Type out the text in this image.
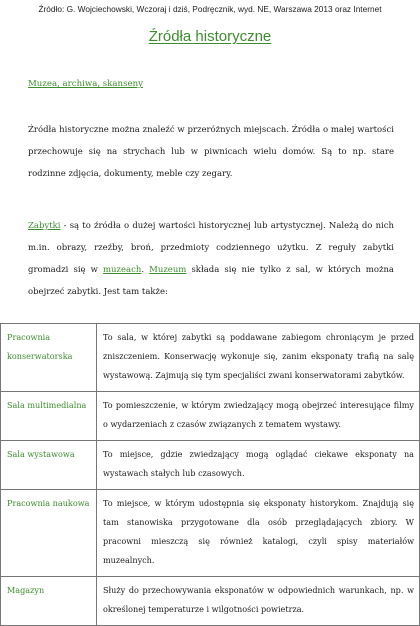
Źródło: G. Wojciechowski, Wczoraj i dziś, Podręcznik, wyd. NE, Warszawa 2013 oraz Internet
Źródła historyczne
Muzea, archiwa, skanseny
Źródła historyczne można znaleźć w przeróżnych miejscach. Źródła o małej wartości przechowuje się na strychach lub w piwnicach wielu domów. Są to np. stare rodzinne zdjęcia, dokumenty, meble czy zegary.
Zabytki - są to źródła o dużej wartości historycznej lub artystycznej. Należą do nich m.in. obrazy, rzeźby, broń, przedmioty codziennego użytku. Z reguły zabytki gromadzi się w muzeach. Muzeum składa się nie tylko z sal, w których można obejrzeć zabytki. Jest tam także:
Pracownia konserwatorska	To sala, w której zabytki są poddawane zabiegom chroniącym je przed zniszczeniem. Konserwację wykonuje się, zanim eksponaty trafią na salę wystawową. Zajmują się tym specjaliści zwani konserwatorami zabytków.
Sala multimedialna	To pomieszczenie, w którym zwiedzający mogą obejrzeć interesujące filmy o wydarzeniach z czasów związanych z tematem wystawy.
Sala wystawowa	To miejsce, gdzie zwiedzający mogą oglądać ciekawe eksponaty na wystawach stałych lub czasowych.
Pracownia naukowa	To miejsce, w którym udostępnia się eksponaty historykom. Znajdują się tam stanowiska przygotowane dla osób przeglądających zbiory. W pracowni mieszczą się również katalogi, czyli spisy materiałów muzealnych.
Magazyn	Służy do przechowywania eksponatów w odpowiednich warunkach, np. w określonej temperaturze i wilgotności powietrza.
